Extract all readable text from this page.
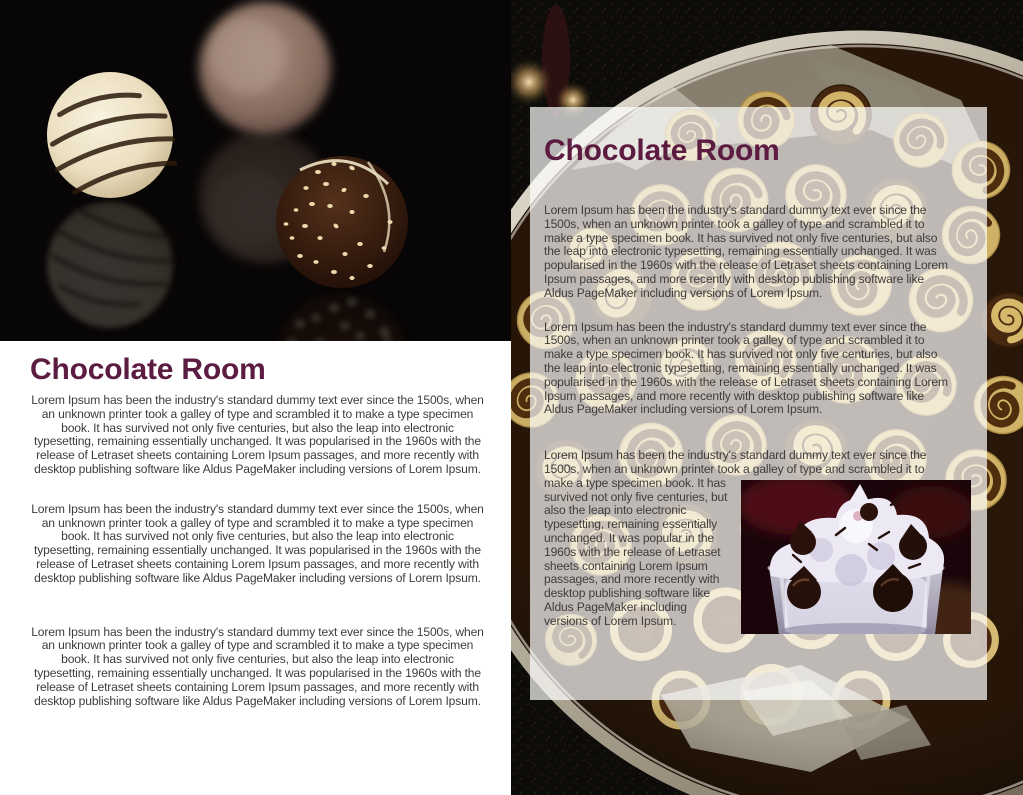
Chocolate Room

Lorem Ipsum has been the industry's standard dummy text ever since the 1500s, when an unknown printer took a galley of type and scrambled it to make a type specimen book. It has survived not only five centuries, but also the leap into electronic typesetting, remaining essentially unchanged. It was popularised in the 1960s with the release of Letraset sheets containing Lorem Ipsum passages, and more recently with desktop publishing software like Aldus PageMaker including versions of Lorem Ipsum.

Lorem Ipsum has been the industry's standard dummy text ever since the 1500s, when an unknown printer took a galley of type and scrambled it to make a type specimen book. It has survived not only five centuries, but also the leap into electronic typesetting, remaining essentially unchanged. It was popularised in the 1960s with the release of Letraset sheets containing Lorem Ipsum passages, and more recently with desktop publishing software like Aldus PageMaker including versions of Lorem Ipsum.

Lorem Ipsum has been the industry's standard dummy text ever since the 1500s, when an unknown printer took a galley of type and scrambled it to make a type specimen book. It has survived not only five centuries, but also the leap into electronic typesetting, remaining essentially unchanged. It was popularised in the 1960s with the release of Letraset sheets containing Lorem Ipsum passages, and more recently with desktop publishing software like Aldus PageMaker including versions of Lorem Ipsum.

Chocolate Room

Lorem Ipsum has been the industry's standard dummy text ever since the 1500s, when an unknown printer took a galley of type and scrambled it to make a type specimen book. It has survived not only five centuries, but also the leap into electronic typesetting, remaining essentially unchanged. It was popularised in the 1960s with the release of Letraset sheets containing Lorem Ipsum passages, and more recently with desktop publishing software like Aldus PageMaker including versions of Lorem Ipsum.

Lorem Ipsum has been the industry's standard dummy text ever since the 1500s, when an unknown printer took a galley of type and scrambled it to make a type specimen book. It has survived not only five centuries, but also the leap into electronic typesetting, remaining essentially unchanged. It was popularised in the 1960s with the release of Letraset sheets containing Lorem Ipsum passages, and more recently with desktop publishing software like Aldus PageMaker including versions of Lorem Ipsum.

Lorem Ipsum has been the industry's standard dummy text ever since the 1500s, when an unknown printer took a galley of type and scrambled it to make a type
specimen book. It has survived not only five centuries, but also the leap into electronic typesetting, remaining essentially unchanged. It was popular in the 1960s with the release of Letraset sheets containing Lorem Ipsum passages, and more recently with desktop publishing software like Aldus PageMaker including versions of Lorem Ipsum.
